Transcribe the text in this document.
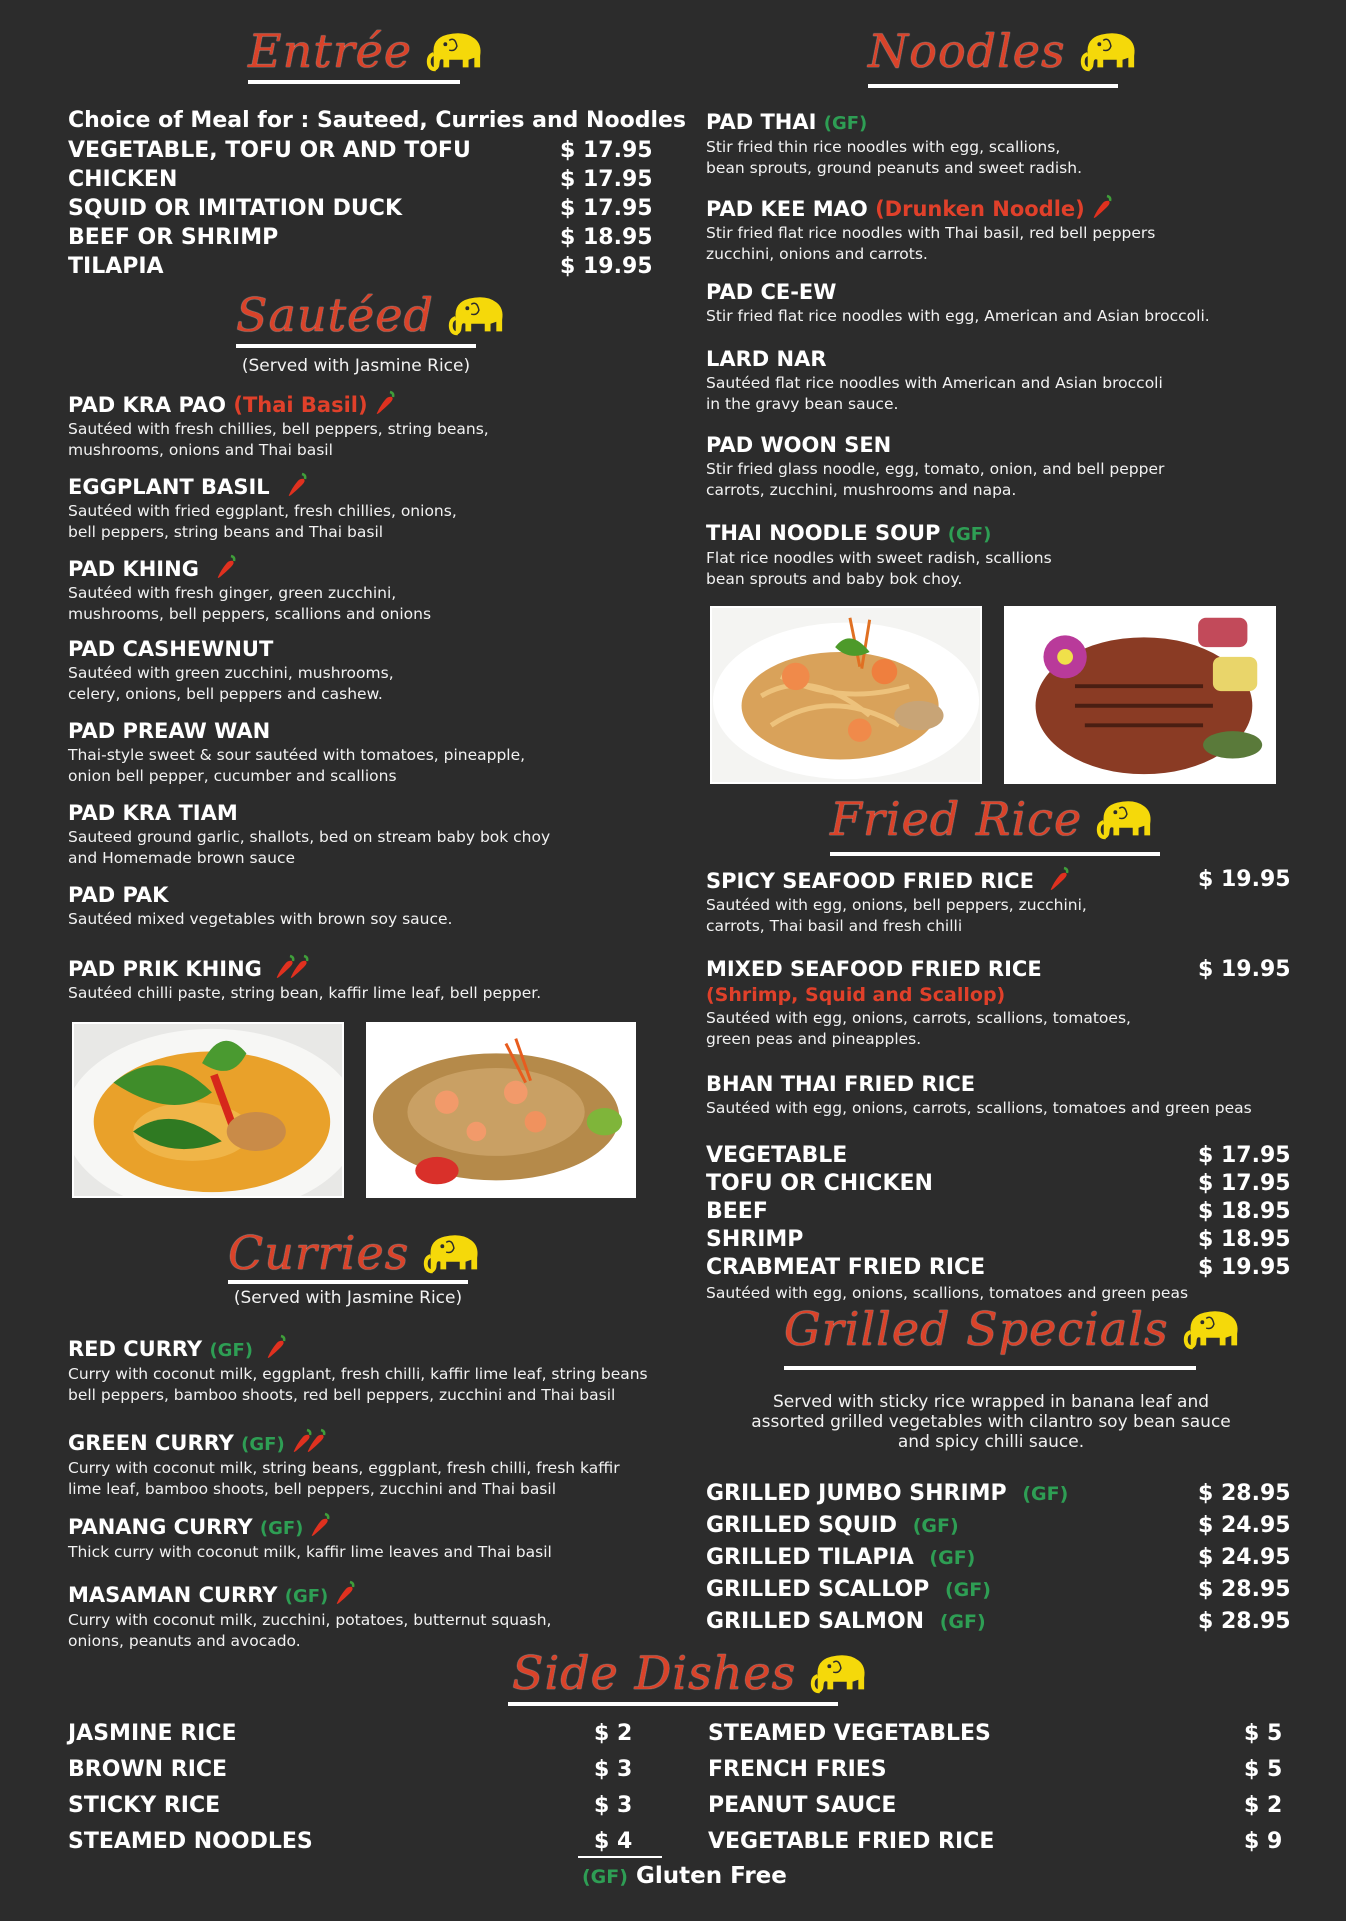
Entrée
Choice of Meal for : Sauteed, Curries and Noodles
VEGETABLE, TOFU OR AND TOFU	$ 17.95
CHICKEN	$ 17.95
SQUID OR IMITATION DUCK	$ 17.95
BEEF OR SHRIMP	$ 18.95
TILAPIA	$ 19.95
Sautéed
(Served with Jasmine Rice)
PAD KRA PAO (Thai Basil)
Sautéed with fresh chillies, bell peppers, string beans,
mushrooms, onions and Thai basil
EGGPLANT BASIL
Sautéed with fried eggplant, fresh chillies, onions,
bell peppers, string beans and Thai basil
PAD KHING
Sautéed with fresh ginger, green zucchini,
mushrooms, bell peppers, scallions and onions
PAD CASHEWNUT
Sautéed with green zucchini, mushrooms,
celery, onions, bell peppers and cashew.
PAD PREAW WAN
Thai-style sweet & sour sautéed with tomatoes, pineapple,
onion bell pepper, cucumber and scallions
PAD KRA TIAM
Sauteed ground garlic, shallots, bed on stream baby bok choy
and Homemade brown sauce
PAD PAK
Sautéed mixed vegetables with brown soy sauce.
PAD PRIK KHING
Sautéed chilli paste, string bean, kaffir lime leaf, bell pepper.
Curries
(Served with Jasmine Rice)
RED CURRY (GF)
Curry with coconut milk, eggplant, fresh chilli, kaffir lime leaf, string beans
bell peppers, bamboo shoots, red bell peppers, zucchini and Thai basil
GREEN CURRY (GF)
Curry with coconut milk, string beans, eggplant, fresh chilli, fresh kaffir
lime leaf, bamboo shoots, bell peppers, zucchini and Thai basil
PANANG CURRY (GF)
Thick curry with coconut milk, kaffir lime leaves and Thai basil
MASAMAN CURRY (GF)
Curry with coconut milk, zucchini, potatoes, butternut squash,
onions, peanuts and avocado.
Noodles
PAD THAI (GF)
Stir fried thin rice noodles with egg, scallions,
bean sprouts, ground peanuts and sweet radish.
PAD KEE MAO (Drunken Noodle)
Stir fried flat rice noodles with Thai basil, red bell peppers
zucchini, onions and carrots.
PAD CE-EW
Stir fried flat rice noodles with egg, American and Asian broccoli.
LARD NAR
Sautéed flat rice noodles with American and Asian broccoli
in the gravy bean sauce.
PAD WOON SEN
Stir fried glass noodle, egg, tomato, onion, and bell pepper
carrots, zucchini, mushrooms and napa.
THAI NOODLE SOUP (GF)
Flat rice noodles with sweet radish, scallions
bean sprouts and baby bok choy.
Fried Rice
SPICY SEAFOOD FRIED RICE
Sautéed with egg, onions, bell peppers, zucchini,
carrots, Thai basil and fresh chilli
$ 19.95
MIXED SEAFOOD FRIED RICE
(Shrimp, Squid and Scallop)
Sautéed with egg, onions, carrots, scallions, tomatoes,
green peas and pineapples.
$ 19.95
BHAN THAI FRIED RICE
Sautéed with egg, onions, carrots, scallions, tomatoes and green peas
VEGETABLE	$ 17.95
TOFU OR CHICKEN	$ 17.95
BEEF	$ 18.95
SHRIMP	$ 18.95
CRABMEAT FRIED RICE	$ 19.95
Sautéed with egg, onions, scallions, tomatoes and green peas
Grilled Specials
Served with sticky rice wrapped in banana leaf and
assorted grilled vegetables with cilantro soy bean sauce
and spicy chilli sauce.
GRILLED JUMBO SHRIMP (GF)	$ 28.95
GRILLED SQUID (GF)	$ 24.95
GRILLED TILAPIA (GF)	$ 24.95
GRILLED SCALLOP (GF)	$ 28.95
GRILLED SALMON (GF)	$ 28.95
Side Dishes
JASMINE RICE	$ 2
BROWN RICE	$ 3
STICKY RICE	$ 3
STEAMED NOODLES	$ 4
STEAMED VEGETABLES	$ 5
FRENCH FRIES	$ 5
PEANUT SAUCE	$ 2
VEGETABLE FRIED RICE	$ 9
(GF) Gluten Free
